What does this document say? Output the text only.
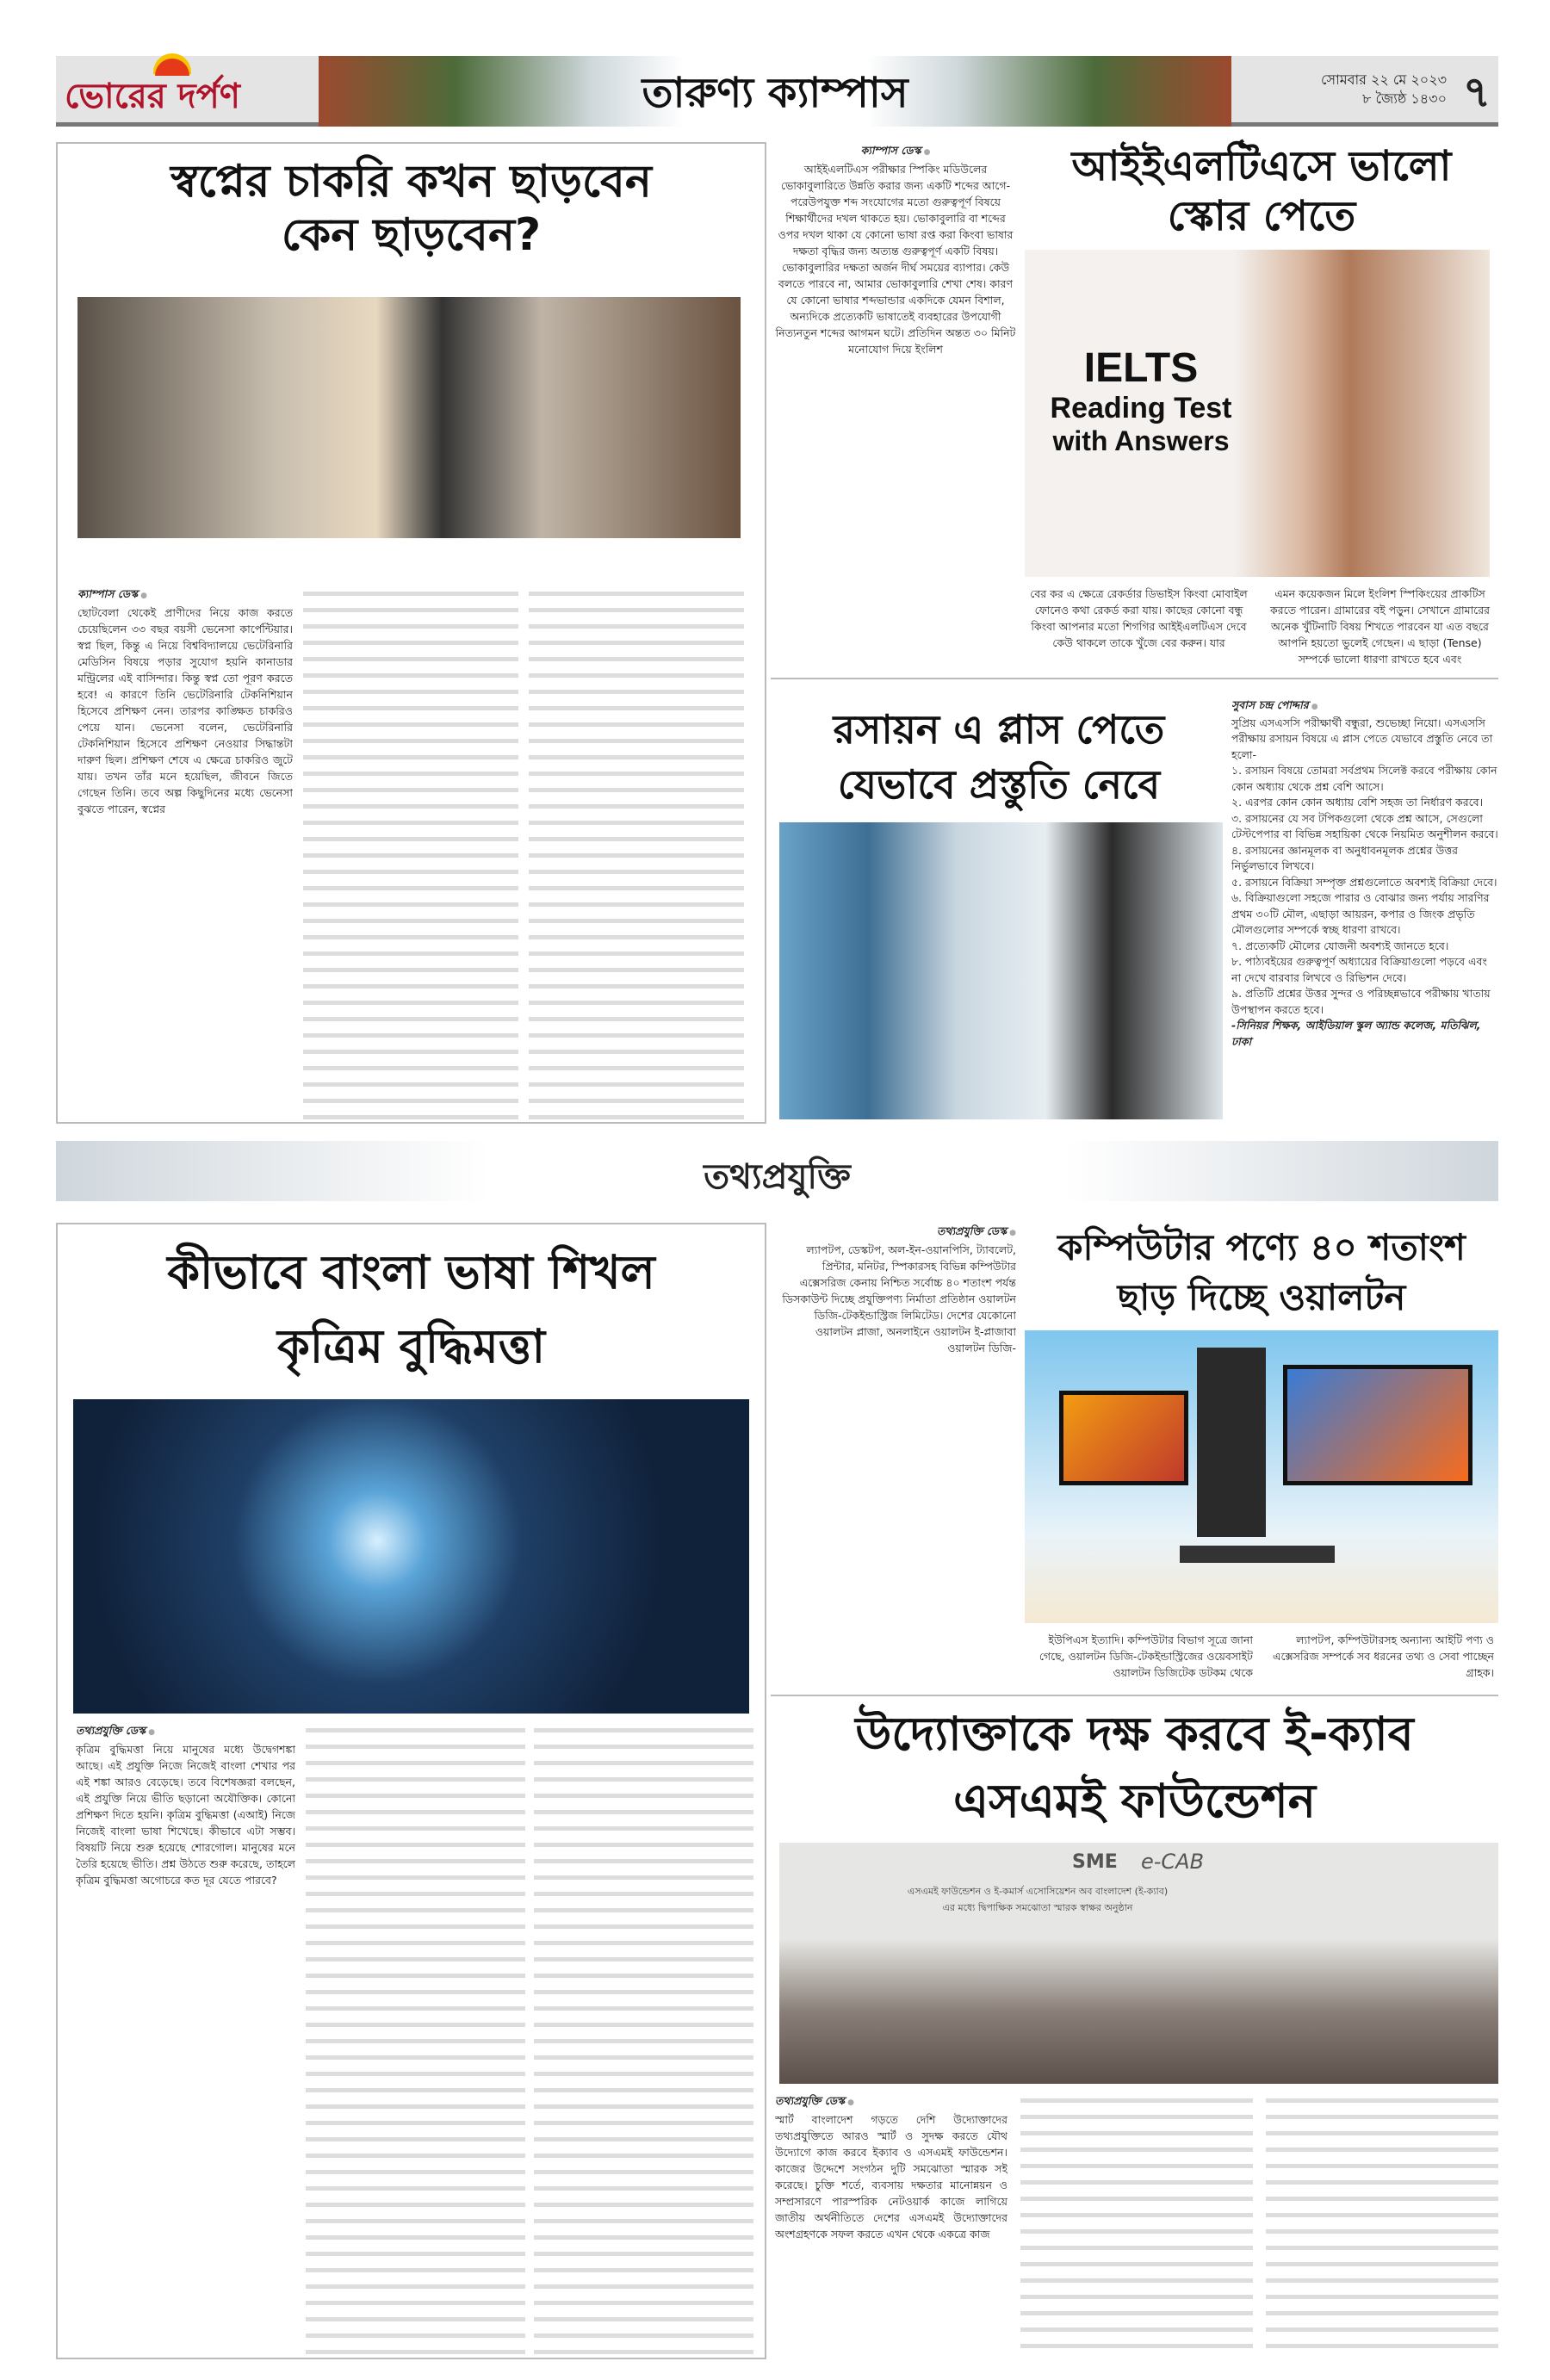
ভোরের দর্পণ	তারুণ্য ক্যাম্পাস	সোমবার ২২ মে ২০২৩
৮ জ্যৈষ্ঠ ১৪৩০ ৭
স্বপ্নের চাকরি কখন ছাড়বেন
কেন ছাড়বেন?
ক্যাম্পাস ডেস্ক ●
ছোটবেলা থেকেই প্রাণীদের নিয়ে কাজ করতে চেয়েছিলেন ৩৩ বছর বয়সী ভেনেসা কার্পেন্টিয়ার। স্বপ্ন ছিল, কিন্তু এ নিয়ে বিশ্ববিদ্যালয়ে ভেটেরিনারি মেডিসিন বিষয়ে পড়ার সুযোগ হয়নি কানাডার মন্ট্রিলের এই বাসিন্দার। কিন্তু স্বপ্ন তো পূরণ করতে হবে! এ কারণে তিনি ভেটেরিনারি টেকনিশিয়ান হিসেবে প্রশিক্ষণ নেন। তারপর কাঙ্ক্ষিত চাকরিও পেয়ে যান। ভেনেসা বলেন, ভেটেরিনারি টেকনিশিয়ান হিসেবে প্রশিক্ষণ নেওয়ার সিদ্ধান্তটা দারুণ ছিল। প্রশিক্ষণ শেষে এ ক্ষেত্রে চাকরিও জুটে যায়। তখন তাঁর মনে হয়েছিল, জীবনে জিতে গেছেন তিনি। তবে অল্প কিছুদিনের মধ্যে ভেনেসা বুঝতে পারেন, স্বপ্নের
ক্যাম্পাস ডেস্ক ●
আইইএলটিএস পরীক্ষার স্পিকিং মডিউলের ভোকাবুলারিতে উন্নতি করার জন্য একটি শব্দের আগে-পরেউপযুক্ত শব্দ সংযোগের মতো গুরুত্বপূর্ণ বিষয়ে শিক্ষার্থীদের দখল থাকতে হয়। ভোকাবুলারি বা শব্দের ওপর দখল থাকা যে কোনো ভাষা রপ্ত করা কিংবা ভাষার দক্ষতা বৃদ্ধির জন্য অত্যন্ত গুরুত্বপূর্ণ একটি বিষয়।ভোকাবুলারির দক্ষতা অর্জন দীর্ঘ সময়ের ব্যাপার। কেউ বলতে পারবে না, আমার ভোকাবুলারি শেখা শেষ। কারণ যে কোনো ভাষার শব্দভান্ডার একদিকে যেমন বিশাল, অন্যদিকে প্রত্যেকটি ভাষাতেই ব্যবহারের উপযোগী নিত্যনতুন শব্দের আগমন ঘটে। প্রতিদিন অন্তত ৩০ মিনিট মনোযোগ দিয়ে ইংলিশ
আইইএলটিএসে ভালো
স্কোর পেতে
IELTS
Reading Test
with Answers
বের কর এ ক্ষেত্রে রেকর্ডার ডিভাইস কিংবা মোবাইল ফোনেও কথা রেকর্ড করা যায়। কাছের কোনো বন্ধু কিংবা আপনার মতো শিগগির আইইএলটিএস দেবে কেউ থাকলে তাকে খুঁজে বের করুন। যার
এমন কয়েকজন মিলে ইংলিশ স্পিকিংয়ের প্রাকটিস করতে পারেন। গ্রামারের বই পড়ুন। সেখানে গ্রামারের অনেক খুঁটিনাটি বিষয় শিখতে পারবেন যা এত বছরে আপনি হয়তো ভুলেই গেছেন। এ ছাড়া (Tense) সম্পর্কে ভালো ধারণা রাখতে হবে এবং
রসায়ন এ প্লাস পেতে
যেভাবে প্রস্তুতি নেবে
সুবাস চন্দ্র পোদ্দার ●
সুপ্রিয় এসএসসি পরীক্ষার্থী বন্ধুরা, শুভেচ্ছা নিয়ো। এসএসসি পরীক্ষায় রসায়ন বিষয়ে এ প্লাস পেতে যেভাবে প্রস্তুতি নেবে তা হলো-
১. রসায়ন বিষয়ে তোমরা সর্বপ্রথম সিলেক্ট করবে পরীক্ষায় কোন কোন অধ্যায় থেকে প্রশ্ন বেশি আসে।
২. এরপর কোন কোন অধ্যায় বেশি সহজ তা নির্ধারণ করবে।
৩. রসায়নের যে সব টপিকগুলো থেকে প্রশ্ন আসে, সেগুলো টেস্টপেপার বা বিভিন্ন সহায়িকা থেকে নিয়মিত অনুশীলন করবে।
৪. রসায়নের জ্ঞানমূলক বা অনুধাবনমূলক প্রশ্নের উত্তর নির্ভুলভাবে লিখবে।
৫. রসায়নে বিক্রিয়া সম্পৃক্ত প্রশ্নগুলোতে অবশ্যই বিক্রিয়া দেবে।
৬. বিক্রিয়াগুলো সহজে পারার ও বোঝার জন্য পর্যায় সারণির প্রথম ৩০টি মৌল, এছাড়া আয়রন, কপার ও জিংক প্রভৃতি মৌলগুলোর সম্পর্কে স্বচ্ছ ধারণা রাখবে।
৭. প্রত্যেকটি মৌলের যোজনী অবশ্যই জানতে হবে।
৮. পাঠ্যবইয়ের গুরুত্বপূর্ণ অধ্যায়ের বিক্রিয়াগুলো পড়বে এবং না দেখে বারবার লিখবে ও রিভিশন দেবে।
৯. প্রতিটি প্রশ্নের উত্তর সুন্দর ও পরিচ্ছন্নভাবে পরীক্ষায় খাতায় উপস্থাপন করতে হবে।
-সিনিয়র শিক্ষক, আইডিয়াল স্কুল অ্যান্ড কলেজ, মতিঝিল, ঢাকা
তথ্যপ্রযুক্তি
কীভাবে বাংলা ভাষা শিখল
কৃত্রিম বুদ্ধিমত্তা
তথ্যপ্রযুক্তি ডেস্ক ●
কৃত্রিম বুদ্ধিমত্তা নিয়ে মানুষের মধ্যে উদ্বেগশঙ্কা আছে। এই প্রযুক্তি নিজে নিজেই বাংলা শেখার পর এই শঙ্কা আরও বেড়েছে। তবে বিশেষজ্ঞরা বলছেন, এই প্রযুক্তি নিয়ে ভীতি ছড়ানো অযৌক্তিক। কোনো প্রশিক্ষণ দিতে হয়নি। কৃত্রিম বুদ্ধিমত্তা (এআই) নিজে নিজেই বাংলা ভাষা শিখেছে। কীভাবে এটা সম্ভব। বিষয়টি নিয়ে শুরু হয়েছে শোরগোল। মানুষের মনে তৈরি হয়েছে ভীতি। প্রশ্ন উঠতে শুরু করেছে, তাহলে কৃত্রিম বুদ্ধিমত্তা অগোচরে কত দূর যেতে পারবে?
তথ্যপ্রযুক্তি ডেস্ক ●
ল্যাপটপ, ডেস্কটপ, অল-ইন-ওয়ানপিসি, ট্যাবলেট, প্রিন্টার, মনিটর, স্পিকারসহ বিভিন্ন কম্পিউটার এক্সেসরিজ কেনায় নিশ্চিত সর্বোচ্চ ৪০ শতাংশ পর্যন্ত ডিসকাউন্ট দিচ্ছে প্রযুক্তিপণ্য নির্মাতা প্রতিষ্ঠান ওয়ালটন ডিজি-টেকইন্ডাস্ট্রিজ লিমিটেড। দেশের যেকোনো ওয়ালটন প্লাজা, অনলাইনে ওয়ালটন ই-প্লাজাবা ওয়ালটন ডিজি-
কম্পিউটার পণ্যে ৪০ শতাংশ
ছাড় দিচ্ছে ওয়ালটন
ইউপিএস ইত্যাদি। কম্পিউটার বিভাগ সূত্রে জানা গেছে, ওয়ালটন ডিজি-টেকইন্ডাস্ট্রিজের ওয়েবসাইট ওয়ালটন ডিজিটেক ডটকম থেকে
ল্যাপটপ, কম্পিউটারসহ অন্যান্য আইটি পণ্য ও এক্সেসরিজ সম্পর্কে সব ধরনের তথ্য ও সেবা পাচ্ছেন গ্রাহক।
উদ্যোক্তাকে দক্ষ করবে ই-ক্যাব
এসএমই ফাউন্ডেশন
SME e-CAB
এসএমই ফাউন্ডেশন ও ই-কমার্স এসোসিয়েশন অব বাংলাদেশ (ই-ক্যাব)
এর মধ্যে দ্বিপাক্ষিক সমঝোতা স্মারক স্বাক্ষর অনুষ্ঠান
তথ্যপ্রযুক্তি ডেস্ক ●
স্মার্ট বাংলাদেশ গড়তে দেশি উদ্যোক্তাদের তথ্যপ্রযুক্তিতে আরও স্মার্ট ও সুদক্ষ করতে যৌথ উদ্যোগে কাজ করবে ইক্যাব ও এসএমই ফাউন্ডেশন। কাজের উদ্দেশে সংগঠন দুটি সমঝোতা স্মারক সই করেছে। চুক্তি শর্তে, ব্যবসায় দক্ষতার মানোন্নয়ন ও সম্প্রসারণে পারস্পরিক নেটওয়ার্ক কাজে লাগিয়ে জাতীয় অর্থনীতিতে দেশের এসএমই উদ্যোক্তাদের অংশগ্রহণকে সফল করতে এখন থেকে একত্রে কাজ
